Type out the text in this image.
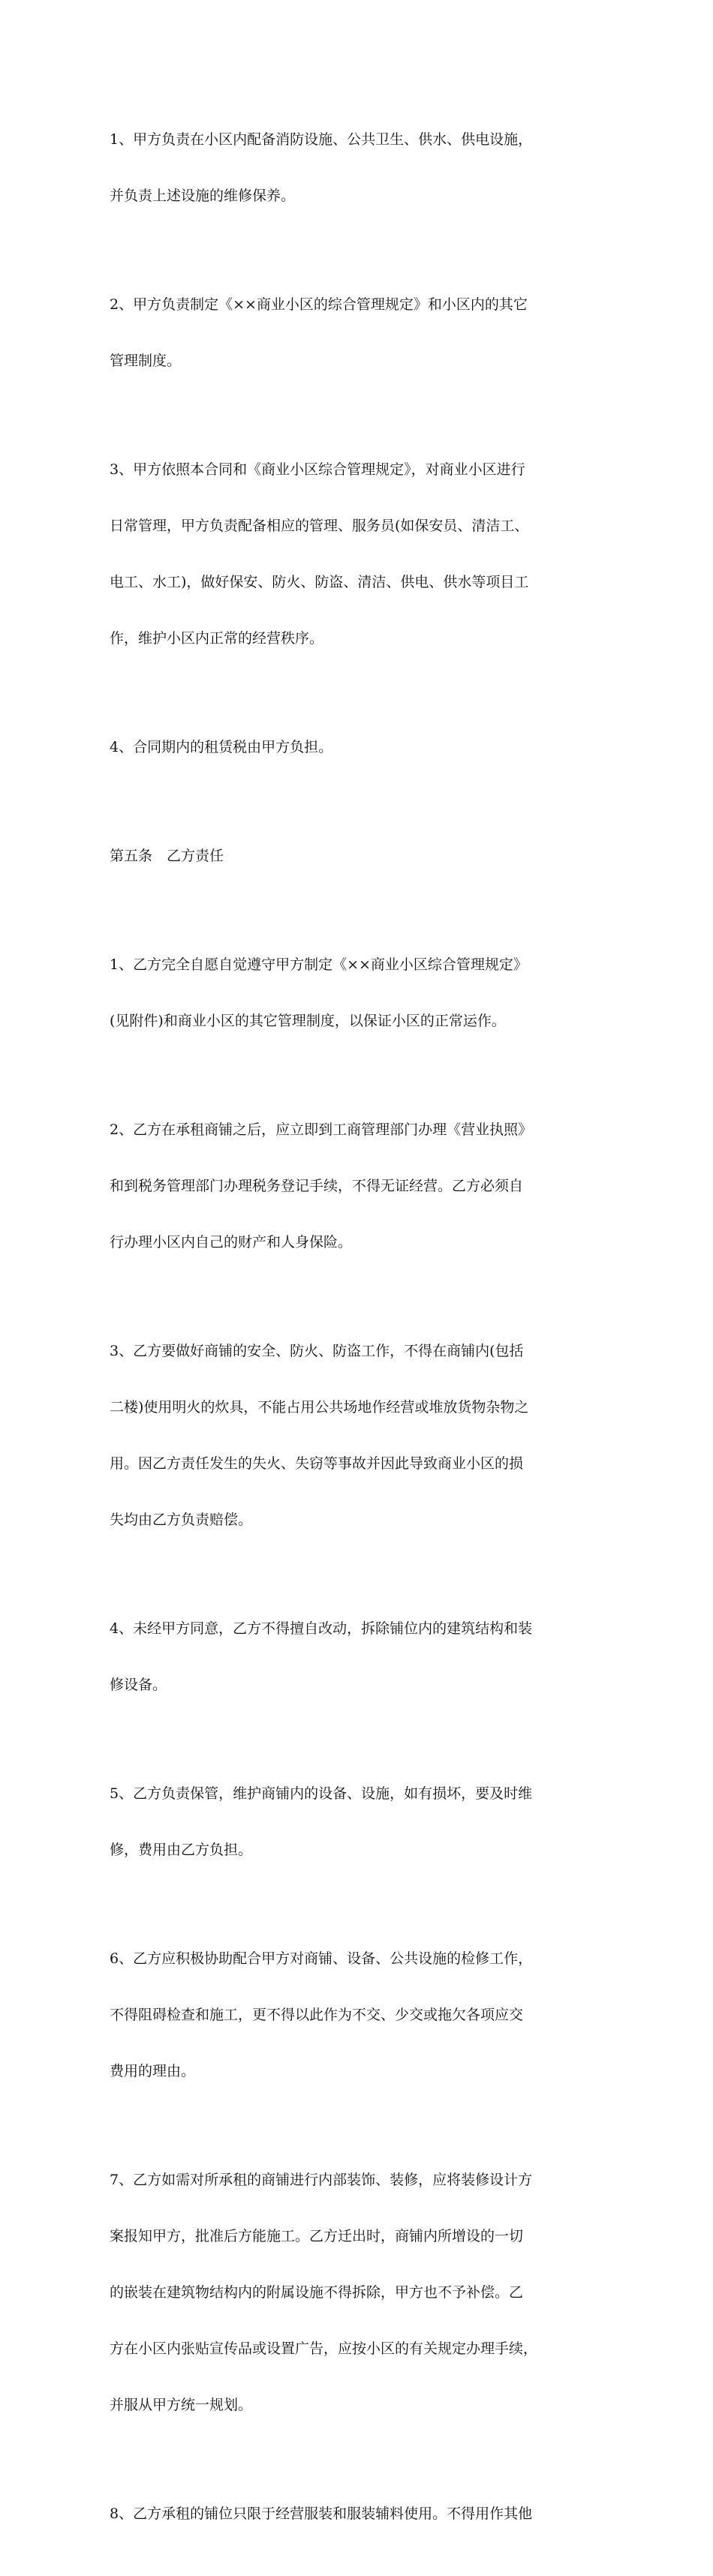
1、甲方负责在小区内配备消防设施、公共卫生、供水、供电设施，

并负责上述设施的维修保养。

2、甲方负责制定《××商业小区的综合管理规定》和小区内的其它

管理制度。

3、甲方依照本合同和《商业小区综合管理规定》，对商业小区进行

日常管理，甲方负责配备相应的管理、服务员(如保安员、清洁工、

电工、水工)，做好保安、防火、防盗、清洁、供电、供水等项目工

作，维护小区内正常的经营秩序。

4、合同期内的租赁税由甲方负担。

第五条　乙方责任

1、乙方完全自愿自觉遵守甲方制定《××商业小区综合管理规定》

(见附件)和商业小区的其它管理制度，以保证小区的正常运作。

2、乙方在承租商铺之后，应立即到工商管理部门办理《营业执照》

和到税务管理部门办理税务登记手续，不得无证经营。乙方必须自

行办理小区内自己的财产和人身保险。

3、乙方要做好商铺的安全、防火、防盗工作，不得在商铺内(包括

二楼)使用明火的炊具，不能占用公共场地作经营或堆放货物杂物之

用。因乙方责任发生的失火、失窃等事故并因此导致商业小区的损

失均由乙方负责赔偿。

4、未经甲方同意，乙方不得擅自改动，拆除铺位内的建筑结构和装

修设备。

5、乙方负责保管，维护商铺内的设备、设施，如有损坏，要及时维

修，费用由乙方负担。

6、乙方应积极协助配合甲方对商铺、设备、公共设施的检修工作，

不得阻碍检查和施工，更不得以此作为不交、少交或拖欠各项应交

费用的理由。

7、乙方如需对所承租的商铺进行内部装饰、装修，应将装修设计方

案报知甲方，批准后方能施工。乙方迁出时，商铺内所增设的一切

的嵌装在建筑物结构内的附属设施不得拆除，甲方也不予补偿。乙

方在小区内张贴宣传品或设置广告，应按小区的有关规定办理手续，

并服从甲方统一规划。

8、乙方承租的铺位只限于经营服装和服装辅料使用。不得用作其他
